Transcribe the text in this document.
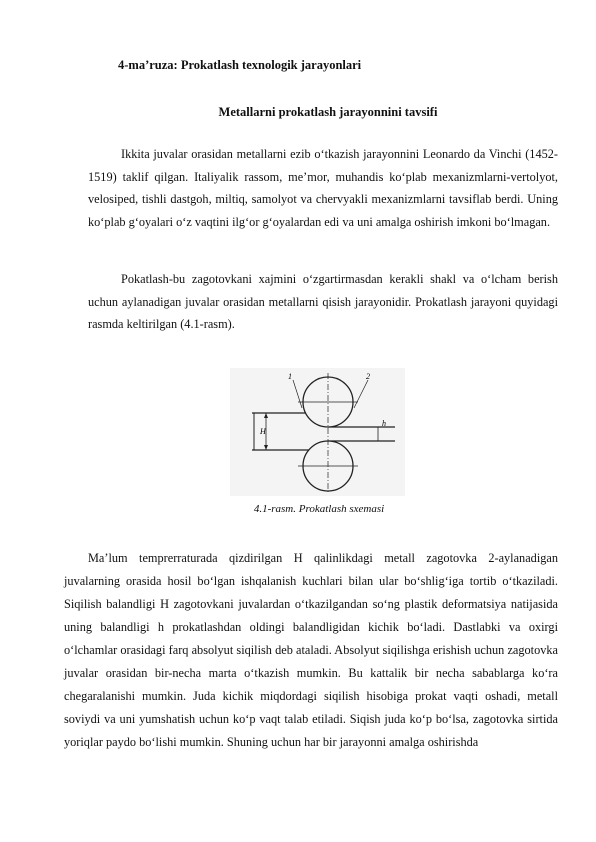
4-ma’ruza: Prokatlash texnologik jarayonlari
Metallarni prokatlash jarayonnini tavsifi
Ikkita juvalar orasidan metallarni ezib o‘tkazish jarayonnini Leonardo da Vinchi (1452-1519) taklif qilgan. Italiyalik rassom, me’mor, muhandis ko‘plab mexanizmlarni-vertolyot, velosiped, tishli dastgoh, miltiq, samolyot va chervyakli mexanizmlarni tavsiflab berdi. Uning ko‘plab g‘oyalari o‘z vaqtini ilg‘or g‘oyalardan edi va uni amalga oshirish imkoni bo‘lmagan.
Pokatlash-bu zagotovkani xajmini o‘zgartirmasdan kerakli shakl va o‘lcham berish uchun aylanadigan juvalar orasidan metallarni qisish jarayonidir. Prokatlash jarayoni quyidagi rasmda keltirilgan (4.1-rasm).
H
h
1	2
4.1-rasm. Prokatlash sxemasi
Ma’lum temprerraturada qizdirilgan H qalinlikdagi metall zagotovka 2-aylanadigan juvalarning orasida hosil bo‘lgan ishqalanish kuchlari bilan ular bo‘shlig‘iga tortib o‘tkaziladi. Siqilish balandligi H zagotovkani juvalardan o‘tkazilgandan so‘ng plastik deformatsiya natijasida uning balandligi h prokatlashdan oldingi balandligidan kichik bo‘ladi. Dastlabki va oxirgi o‘lchamlar orasidagi farq absolyut siqilish deb ataladi. Absolyut siqilishga erishish uchun zagotovka juvalar orasidan bir-necha marta o‘tkazish mumkin. Bu kattalik bir necha sabablarga ko‘ra chegaralanishi mumkin. Juda kichik miqdordagi siqilish hisobiga prokat vaqti oshadi, metall soviydi va uni yumshatish uchun ko‘p vaqt talab etiladi. Siqish juda ko‘p bo‘lsa, zagotovka sirtida yoriqlar paydo bo‘lishi mumkin. Shuning uchun har bir jarayonni amalga oshirishda
